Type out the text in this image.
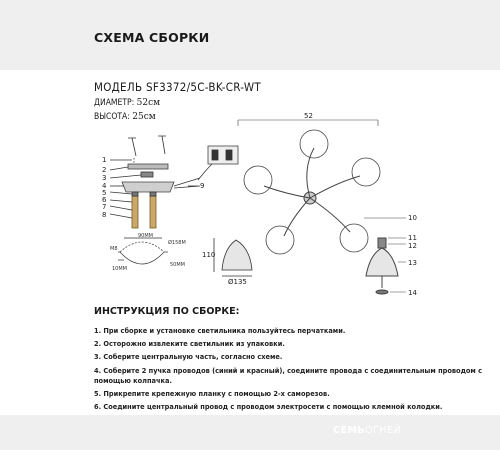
СХЕМА СБОРКИ
МОДЕЛЬ SF3372/5C-BK-CR-WT
ДИАМЕТР: 52см
ВЫСОТА: 25см
1
2
3
4
5
6
7
8
9
M8
10MM
90MM
Ø158M
50MM
110
Ø135
52
10
11
12
13
14
ИНСТРУКЦИЯ ПО СБОРКЕ:
1. При сборке и установке светильника пользуйтесь перчатками.
2. Осторожно извлеките светильник из упаковки.
3. Соберите центральную часть, согласно схеме.
4. Соберите 2 пучка проводов (синий и красный), соедините провода с соединительным проводом с помощью колпачка.
5. Прикрепите крепежную планку с помощью 2-х саморезов.
6. Соедините центральный провод с проводом электросети с помощью клемной колодки.
СЕМЬОГНЕЙ
